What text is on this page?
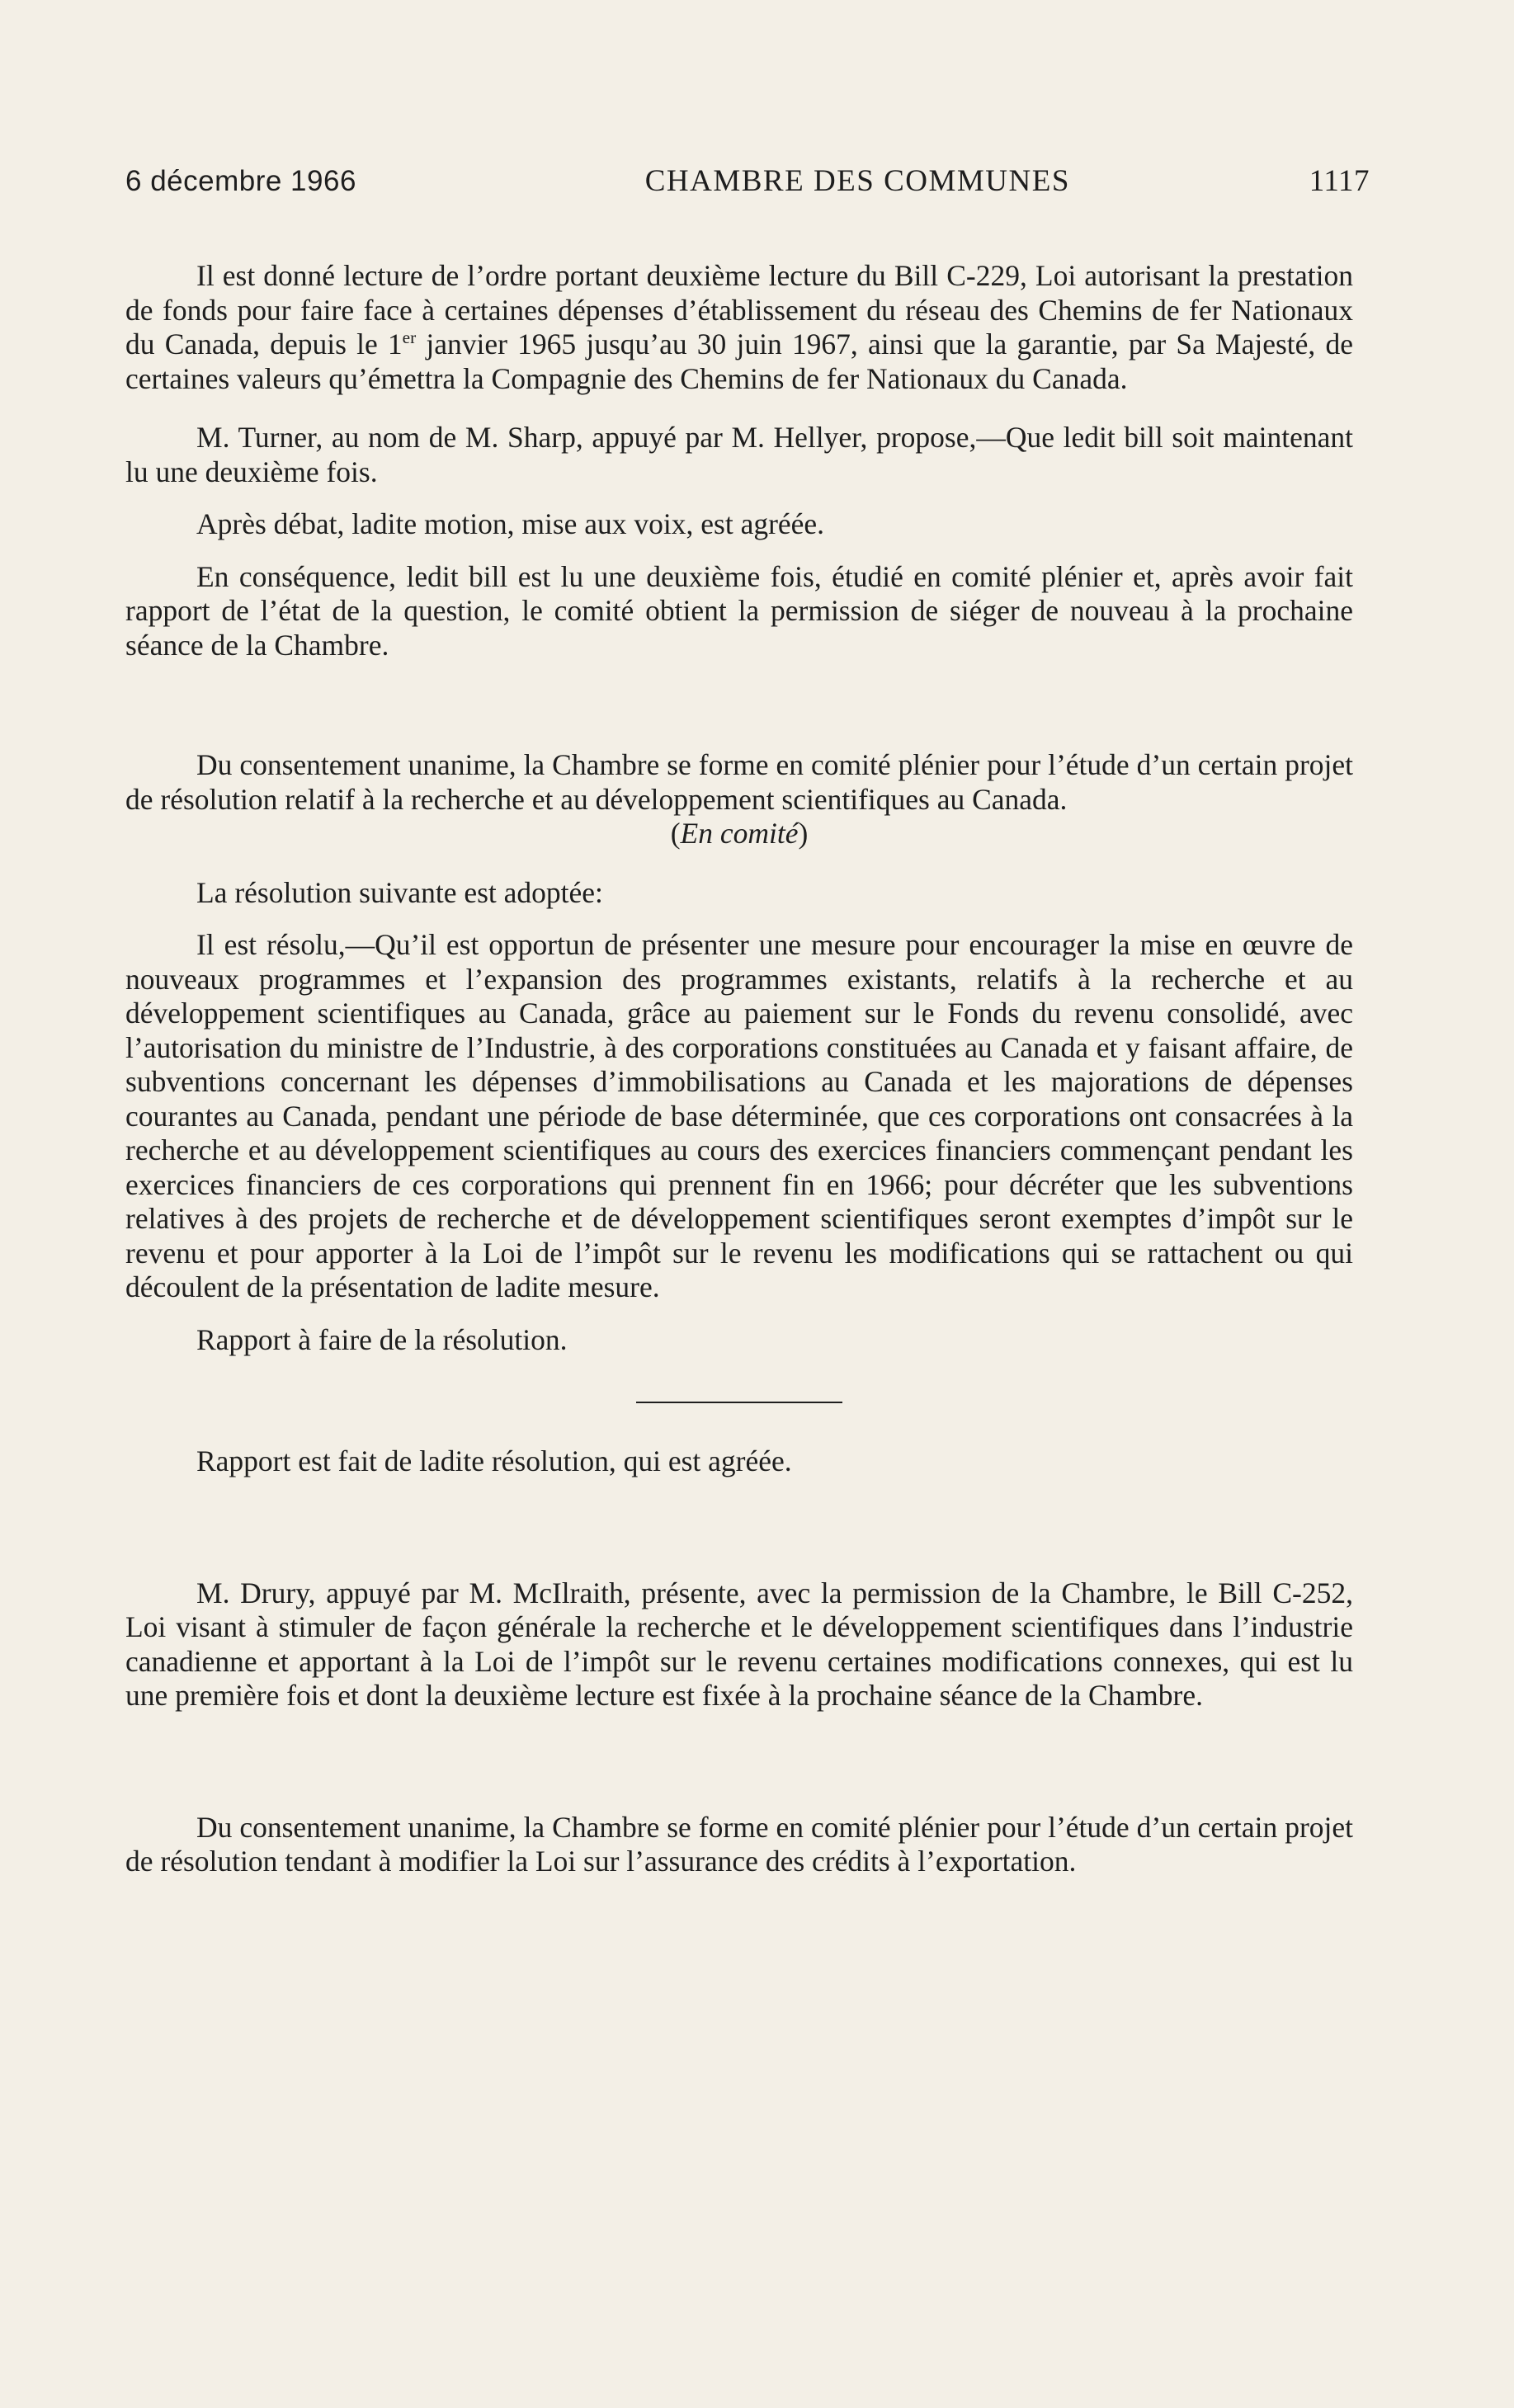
6 décembre 1966	CHAMBRE DES COMMUNES	1117

Il est donné lecture de l’ordre portant deuxième lecture du Bill C-229, Loi autorisant la prestation de fonds pour faire face à certaines dépenses d’établissement du réseau des Chemins de fer Nationaux du Canada, depuis le 1er janvier 1965 jusqu’au 30 juin 1967, ainsi que la garantie, par Sa Majesté, de certaines valeurs qu’émettra la Compagnie des Chemins de fer Nationaux du Canada.

M. Turner, au nom de M. Sharp, appuyé par M. Hellyer, propose,—Que ledit bill soit maintenant lu une deuxième fois.

Après débat, ladite motion, mise aux voix, est agréée.

En conséquence, ledit bill est lu une deuxième fois, étudié en comité plénier et, après avoir fait rapport de l’état de la question, le comité obtient la permission de siéger de nouveau à la prochaine séance de la Chambre.

Du consentement unanime, la Chambre se forme en comité plénier pour l’étude d’un certain projet de résolution relatif à la recherche et au développement scientifiques au Canada.

(En comité)

La résolution suivante est adoptée:

Il est résolu,—Qu’il est opportun de présenter une mesure pour encourager la mise en œuvre de nouveaux programmes et l’expansion des programmes existants, relatifs à la recherche et au développement scientifiques au Canada, grâce au paiement sur le Fonds du revenu consolidé, avec l’autorisation du ministre de l’Industrie, à des corporations constituées au Canada et y faisant affaire, de subventions concernant les dépenses d’immobilisations au Canada et les majorations de dépenses courantes au Canada, pendant une période de base déterminée, que ces corporations ont consacrées à la recherche et au développement scientifiques au cours des exercices financiers commençant pendant les exercices financiers de ces corporations qui prennent fin en 1966; pour décréter que les subventions relatives à des projets de recherche et de développement scientifiques seront exemptes d’impôt sur le revenu et pour apporter à la Loi de l’impôt sur le revenu les modifications qui se rattachent ou qui découlent de la présentation de ladite mesure.

Rapport à faire de la résolution.

Rapport est fait de ladite résolution, qui est agréée.

M. Drury, appuyé par M. McIlraith, présente, avec la permission de la Chambre, le Bill C-252, Loi visant à stimuler de façon générale la recherche et le développement scientifiques dans l’industrie canadienne et apportant à la Loi de l’impôt sur le revenu certaines modifications connexes, qui est lu une première fois et dont la deuxième lecture est fixée à la prochaine séance de la Chambre.

Du consentement unanime, la Chambre se forme en comité plénier pour l’étude d’un certain projet de résolution tendant à modifier la Loi sur l’assurance des crédits à l’exportation.
